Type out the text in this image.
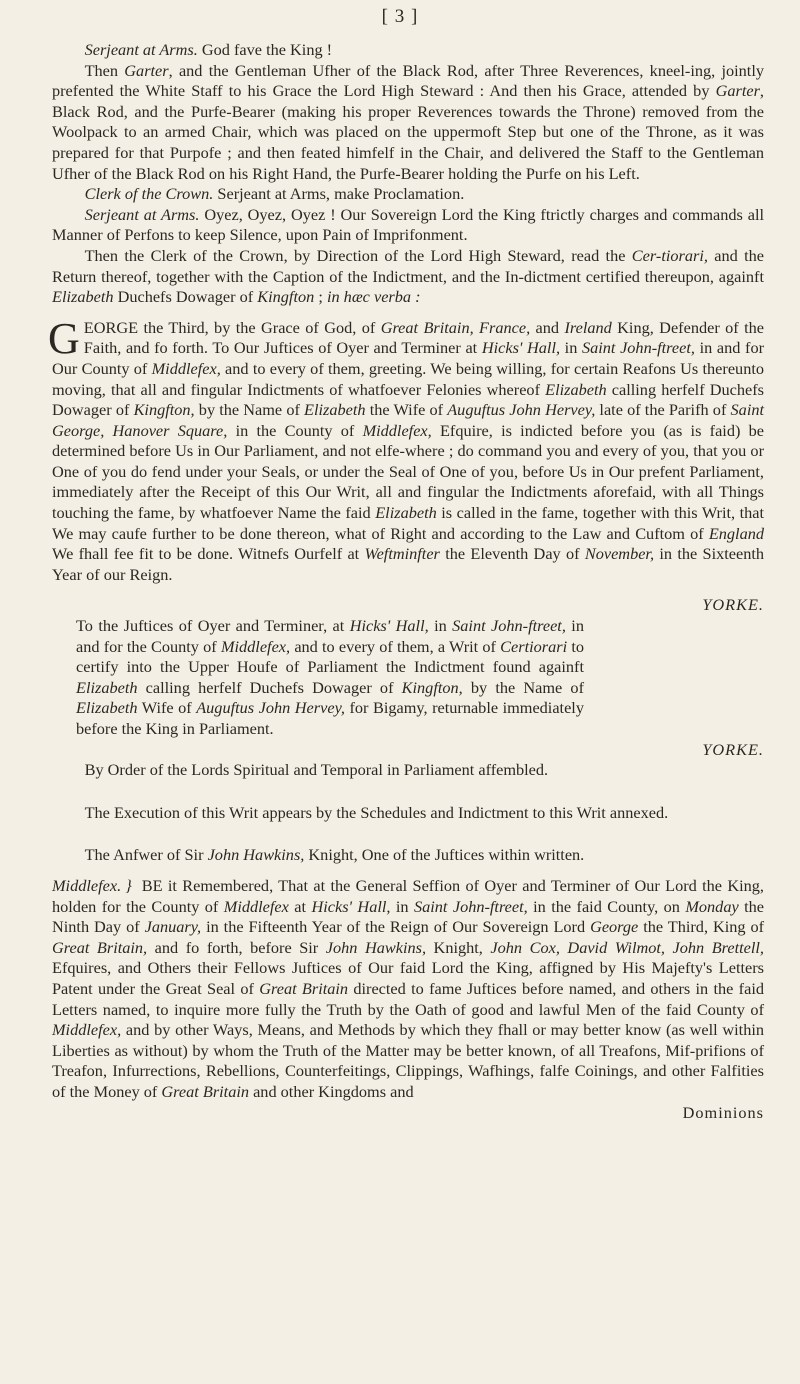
[ 3 ]

Serjeant at Arms. God fave the King !

Then Garter, and the Gentleman Ufher of the Black Rod, after Three Reverences, kneel-ing, jointly prefented the White Staff to his Grace the Lord High Steward : And then his Grace, attended by Garter, Black Rod, and the Purfe-Bearer (making his proper Reverences towards the Throne) removed from the Woolpack to an armed Chair, which was placed on the uppermoft Step but one of the Throne, as it was prepared for that Purpofe ; and then feated himfelf in the Chair, and delivered the Staff to the Gentleman Ufher of the Black Rod on his Right Hand, the Purfe-Bearer holding the Purfe on his Left.

Clerk of the Crown. Serjeant at Arms, make Proclamation.

Serjeant at Arms. Oyez, Oyez, Oyez ! Our Sovereign Lord the King ftrictly charges and commands all Manner of Perfons to keep Silence, upon Pain of Imprifonment.

Then the Clerk of the Crown, by Direction of the Lord High Steward, read the Cer-tiorari, and the Return thereof, together with the Caption of the Indictment, and the In-dictment certified thereupon, againft Elizabeth Duchefs Dowager of Kingfton ; in hæc verba :

GEORGE the Third, by the Grace of God, of Great Britain, France, and Ireland King, Defender of the Faith, and fo forth. To Our Juftices of Oyer and Terminer at Hicks' Hall, in Saint John-ftreet, in and for Our County of Middlefex, and to every of them, greeting. We being willing, for certain Reafons Us thereunto moving, that all and fingular Indictments of whatfoever Felonies whereof Elizabeth calling herfelf Duchefs Dowager of Kingfton, by the Name of Elizabeth the Wife of Auguftus John Hervey, late of the Parifh of Saint George, Hanover Square, in the County of Middlefex, Efquire, is indicted before you (as is faid) be determined before Us in Our Parliament, and not elfe-where ; do command you and every of you, that you or One of you do fend under your Seals, or under the Seal of One of you, before Us in Our prefent Parliament, immediately after the Receipt of this Our Writ, all and fingular the Indictments aforefaid, with all Things touching the fame, by whatfoever Name the faid Elizabeth is called in the fame, together with this Writ, that We may caufe further to be done thereon, what of Right and according to the Law and Cuftom of England We fhall fee fit to be done. Witnefs Ourfelf at Weftminfter the Eleventh Day of November, in the Sixteenth Year of our Reign.

YORKE.

To the Juftices of Oyer and Terminer, at Hicks' Hall, in Saint John-ftreet, in and for the County of Middlefex, and to every of them, a Writ of Certiorari to certify into the Upper Houfe of Parliament the Indictment found againft Elizabeth calling herfelf Duchefs Dowager of Kingfton, by the Name of Elizabeth Wife of Auguftus John Hervey, for Bigamy, returnable immediately before the King in Parliament.

YORKE.

By Order of the Lords Spiritual and Temporal in Parliament affembled.

The Execution of this Writ appears by the Schedules and Indictment to this Writ annexed.

The Anfwer of Sir John Hawkins, Knight, One of the Juftices within written.

Middlefex. } BE it Remembered, That at the General Seffion of Oyer and Terminer of Our Lord the King, holden for the County of Middlefex at Hicks' Hall, in Saint John-ftreet, in the faid County, on Monday the Ninth Day of January, in the Fifteenth Year of the Reign of Our Sovereign Lord George the Third, King of Great Britain, and fo forth, before Sir John Hawkins, Knight, John Cox, David Wilmot, John Brettell, Efquires, and Others their Fellows Juftices of Our faid Lord the King, affigned by His Majefty's Letters Patent under the Great Seal of Great Britain directed to fame Juftices before named, and others in the faid Letters named, to inquire more fully the Truth by the Oath of good and lawful Men of the faid County of Middlefex, and by other Ways, Means, and Methods by which they fhall or may better know (as well within Liberties as without) by whom the Truth of the Matter may be better known, of all Treafons, Mif-prifions of Treafon, Infurrections, Rebellions, Counterfeitings, Clippings, Wafhings, falfe Coinings, and other Falfities of the Money of Great Britain and other Kingdoms and

Dominions
